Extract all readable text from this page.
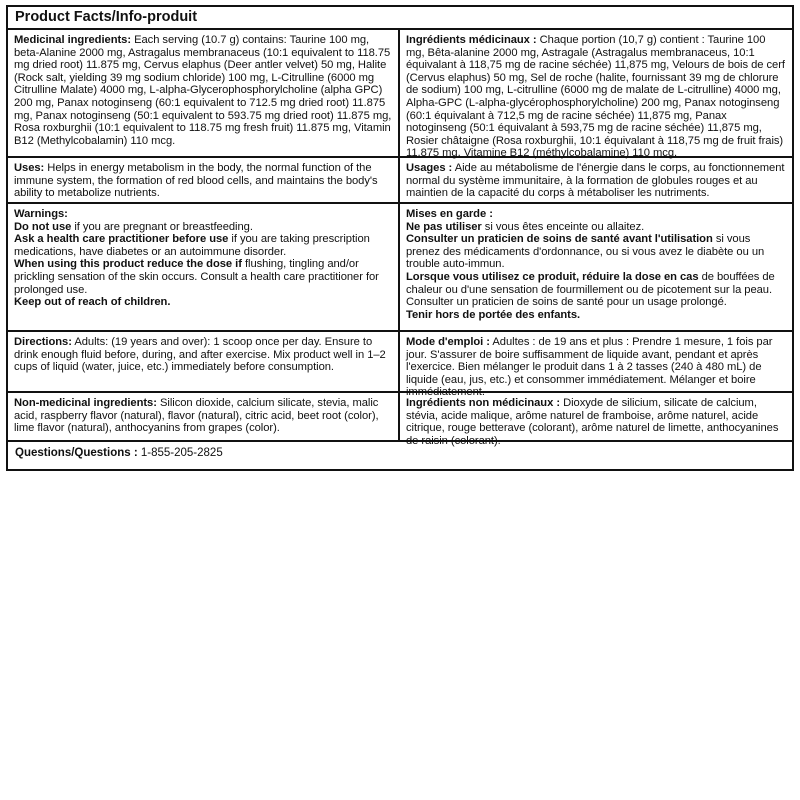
Product Facts/Info-produit
Medicinal ingredients: Each serving (10.7 g) contains: Taurine 100 mg, beta-Alanine 2000 mg, Astragalus membranaceus (10:1 equivalent to 118.75 mg dried root) 11.875 mg, Cervus elaphus (Deer antler velvet) 50 mg, Halite (Rock salt, yielding 39 mg sodium chloride) 100 mg, L-Citrulline (6000 mg Citrulline Malate) 4000 mg, L-alpha-Glycerophosphorylcholine (alpha GPC) 200 mg, Panax notoginseng (60:1 equivalent to 712.5 mg dried root) 11.875 mg, Panax notoginseng (50:1 equivalent to 593.75 mg dried root) 11.875 mg, Rosa roxburghii (10:1 equivalent to 118.75 mg fresh fruit) 11.875 mg, Vitamin B12 (Methylcobalamin) 110 mcg.
Ingrédients médicinaux : Chaque portion (10,7 g) contient : Taurine 100 mg, Bêta-alanine 2000 mg, Astragale (Astragalus membranaceus, 10:1 équivalant à 118,75 mg de racine séchée) 11,875 mg, Velours de bois de cerf (Cervus elaphus) 50 mg, Sel de roche (halite, fournissant 39 mg de chlorure de sodium) 100 mg, L-citrulline (6000 mg de malate de L-citrulline) 4000 mg, Alpha-GPC (L-alpha-glycérophosphorylcholine) 200 mg, Panax notoginseng (60:1 équivalant à 712,5 mg de racine séchée) 11,875 mg, Panax notoginseng (50:1 équivalant à 593,75 mg de racine séchée) 11,875 mg, Rosier châtaigne (Rosa roxburghii, 10:1 équivalant à 118,75 mg de fruit frais) 11,875 mg, Vitamine B12 (méthylcobalamine) 110 mcg.
Uses: Helps in energy metabolism in the body, the normal function of the immune system, the formation of red blood cells, and maintains the body's ability to metabolize nutrients.
Usages : Aide au métabolisme de l'énergie dans le corps, au fonctionnement normal du système immunitaire, à la formation de globules rouges et au maintien de la capacité du corps à métaboliser les nutriments.
Warnings:
Do not use if you are pregnant or breastfeeding.
Ask a health care practitioner before use if you are taking prescription medications, have diabetes or an autoimmune disorder.
When using this product reduce the dose if flushing, tingling and/or prickling sensation of the skin occurs. Consult a health care practitioner for prolonged use.
Keep out of reach of children.
Mises en garde :
Ne pas utiliser si vous êtes enceinte ou allaitez.
Consulter un praticien de soins de santé avant l'utilisation si vous prenez des médicaments d'ordonnance, ou si vous avez le diabète ou un trouble auto-immun.
Lorsque vous utilisez ce produit, réduire la dose en cas de bouffées de chaleur ou d'une sensation de fourmillement ou de picotement sur la peau. Consulter un praticien de soins de santé pour un usage prolongé.
Tenir hors de portée des enfants.
Directions: Adults: (19 years and over): 1 scoop once per day. Ensure to drink enough fluid before, during, and after exercise. Mix product well in 1–2 cups of liquid (water, juice, etc.) immediately before consumption.
Mode d'emploi : Adultes : de 19 ans et plus : Prendre 1 mesure, 1 fois par jour. S'assurer de boire suffisamment de liquide avant, pendant et après l'exercice. Bien mélanger le produit dans 1 à 2 tasses (240 à 480 mL) de liquide (eau, jus, etc.) et consommer immédiatement. Mélanger et boire immédiatement.
Non-medicinal ingredients: Silicon dioxide, calcium silicate, stevia, malic acid, raspberry flavor (natural), flavor (natural), citric acid, beet root (color), lime flavor (natural), anthocyanins from grapes (color).
Ingrédients non médicinaux : Dioxyde de silicium, silicate de calcium, stévia, acide malique, arôme naturel de framboise, arôme naturel, acide citrique, rouge betterave (colorant), arôme naturel de limette, anthocyanines de raisin (colorant).
Questions/Questions : 1-855-205-2825
